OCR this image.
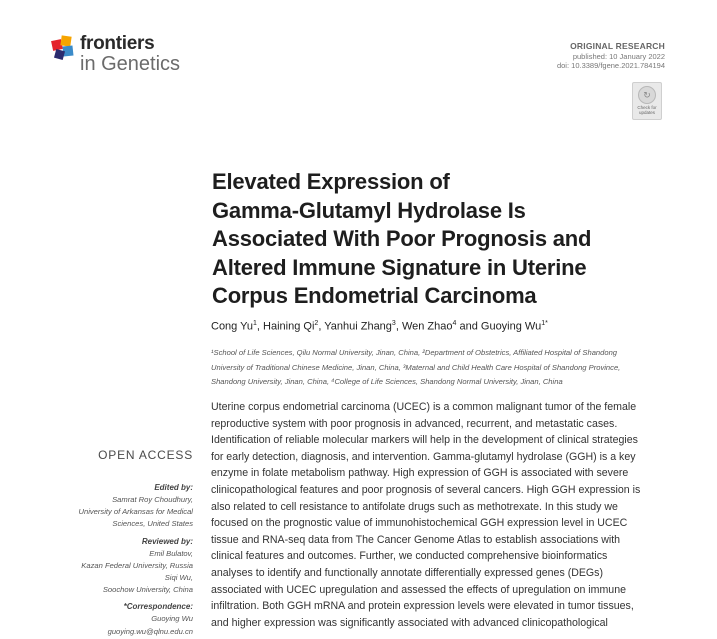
frontiers
in Genetics
ORIGINAL RESEARCH
published: 10 January 2022
doi: 10.3389/fgene.2021.784194
↻
Check for updates
Elevated Expression of
Gamma-Glutamyl Hydrolase Is
Associated With Poor Prognosis and
Altered Immune Signature in Uterine
Corpus Endometrial Carcinoma
Cong Yu$^1$, Haining Qi$^2$, Yanhui Zhang$^3$, Wen Zhao$^4$ and Guoying $Wu^{1*}$
¹School of Life Sciences, Qilu Normal University, Jinan, China, ²Department of Obstetrics, Affiliated Hospital of Shandong
University of Traditional Chinese Medicine, Jinan, China, ³Maternal and Child Health Care Hospital of Shandong Province,
Shandong University, Jinan, China, ⁴College of Life Sciences, Shandong Normal University, Jinan, China
OPEN ACCESS
Edited by:
Samrat Roy Choudhury,
University of Arkansas for Medical
Sciences, United States
Reviewed by:
Emil Bulatov,
Kazan Federal University, Russia
Siqi Wu,
Soochow University, China
*Correspondence:
Guoying Wu
guoying.wu@qlnu.edu.cn
Uterine corpus endometrial carcinoma (UCEC) is a common malignant tumor of the female
reproductive system with poor prognosis in advanced, recurrent, and metastatic cases.
Identification of reliable molecular markers will help in the development of clinical strategies
for early detection, diagnosis, and intervention. Gamma-glutamyl hydrolase (GGH) is a key
enzyme in folate metabolism pathway. High expression of GGH is associated with severe
clinicopathological features and poor prognosis of several cancers. High GGH expression is
also related to cell resistance to antifolate drugs such as methotrexate. In this study we
focused on the prognostic value of immunohistochemical GGH expression level in UCEC
tissue and RNA-seq data from The Cancer Genome Atlas to establish associations with
clinical features and outcomes. Further, we conducted comprehensive bioinformatics
analyses to identify and functionally annotate differentially expressed genes (DEGs)
associated with UCEC upregulation and assessed the effects of upregulation on immune
infiltration. Both GGH mRNA and protein expression levels were elevated in tumor tissues,
and higher expression was significantly associated with advanced clinicopathological
